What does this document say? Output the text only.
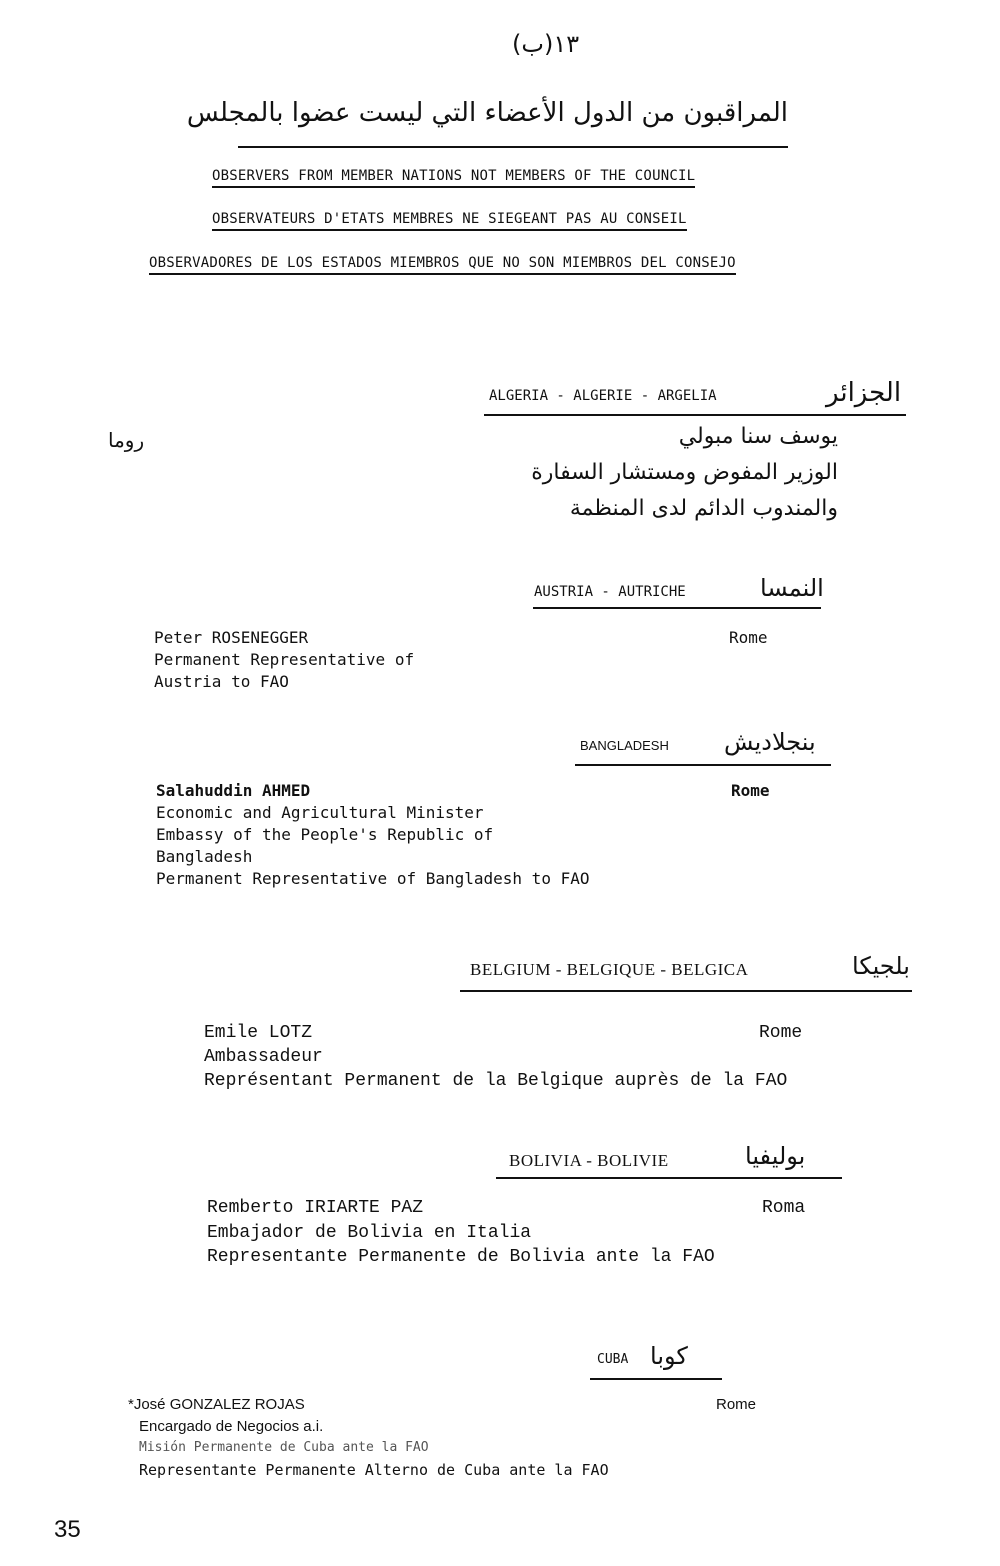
(١٣(ب
المراقبون من الدول الأعضاء التي ليست عضوا بالمجلس
OBSERVERS FROM MEMBER NATIONS NOT MEMBERS OF THE COUNCIL
OBSERVATEURS D'ETATS MEMBRES NE SIEGEANT PAS AU CONSEIL
OBSERVADORES DE LOS ESTADOS MIEMBROS QUE NO SON MIEMBROS DEL CONSEJO
ALGERIA - ALGERIE - ARGELIA	الجزائر
روما	يوسف سنا مبولي
الوزير المفوض ومستشار السفارة
والمندوب الدائم لدى المنظمة
AUSTRIA - AUTRICHE	النمسا
Peter ROSENEGGER	Rome
Permanent Representative of
Austria to FAO
BANGLADESH بنجلاديش
Salahuddin AHMED	Rome
Economic and Agricultural Minister
Embassy of the People's Republic of
Bangladesh
Permanent Representative of Bangladesh to FAO
BELGIUM - BELGIQUE - BELGICA	بلجيكا
Emile LOTZ	Rome
Ambassadeur
Représentant Permanent de la Belgique auprès de la FAO
BOLIVIA - BOLIVIE	بوليفيا
Remberto IRIARTE PAZ	Roma
Embajador de Bolivia en Italia
Representante Permanente de Bolivia ante la FAO
CUBA كوبا
*José GONZALEZ ROJAS	Rome
Encargado de Negocios a.i.
Misión Permanente de Cuba ante la FAO
Representante Permanente Alterno de Cuba ante la FAO
35
